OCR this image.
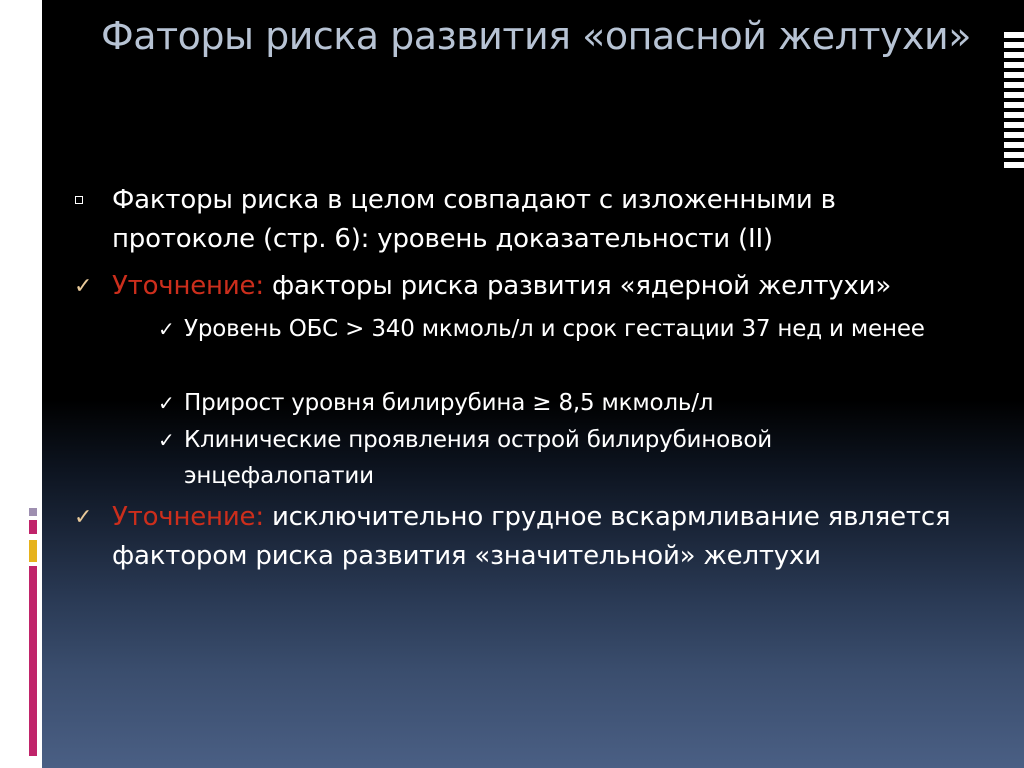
Фаторы риска развития «опасной желтухи»
Факторы риска в целом совпадают с изложенными в протоколе (стр. 6): уровень доказательности (II)
✓ Уточнение: факторы риска развития «ядерной желтухи»
✓ Уровень ОБС > 340 мкмоль/л и срок гестации 37 нед и менее
✓ Прирост уровня билирубина ≥ 8,5 мкмоль/л
✓ Клинические проявления острой билирубиновой энцефалопатии
✓ Уточнение: исключительно грудное вскармливание является фактором риска развития «значительной» желтухи
